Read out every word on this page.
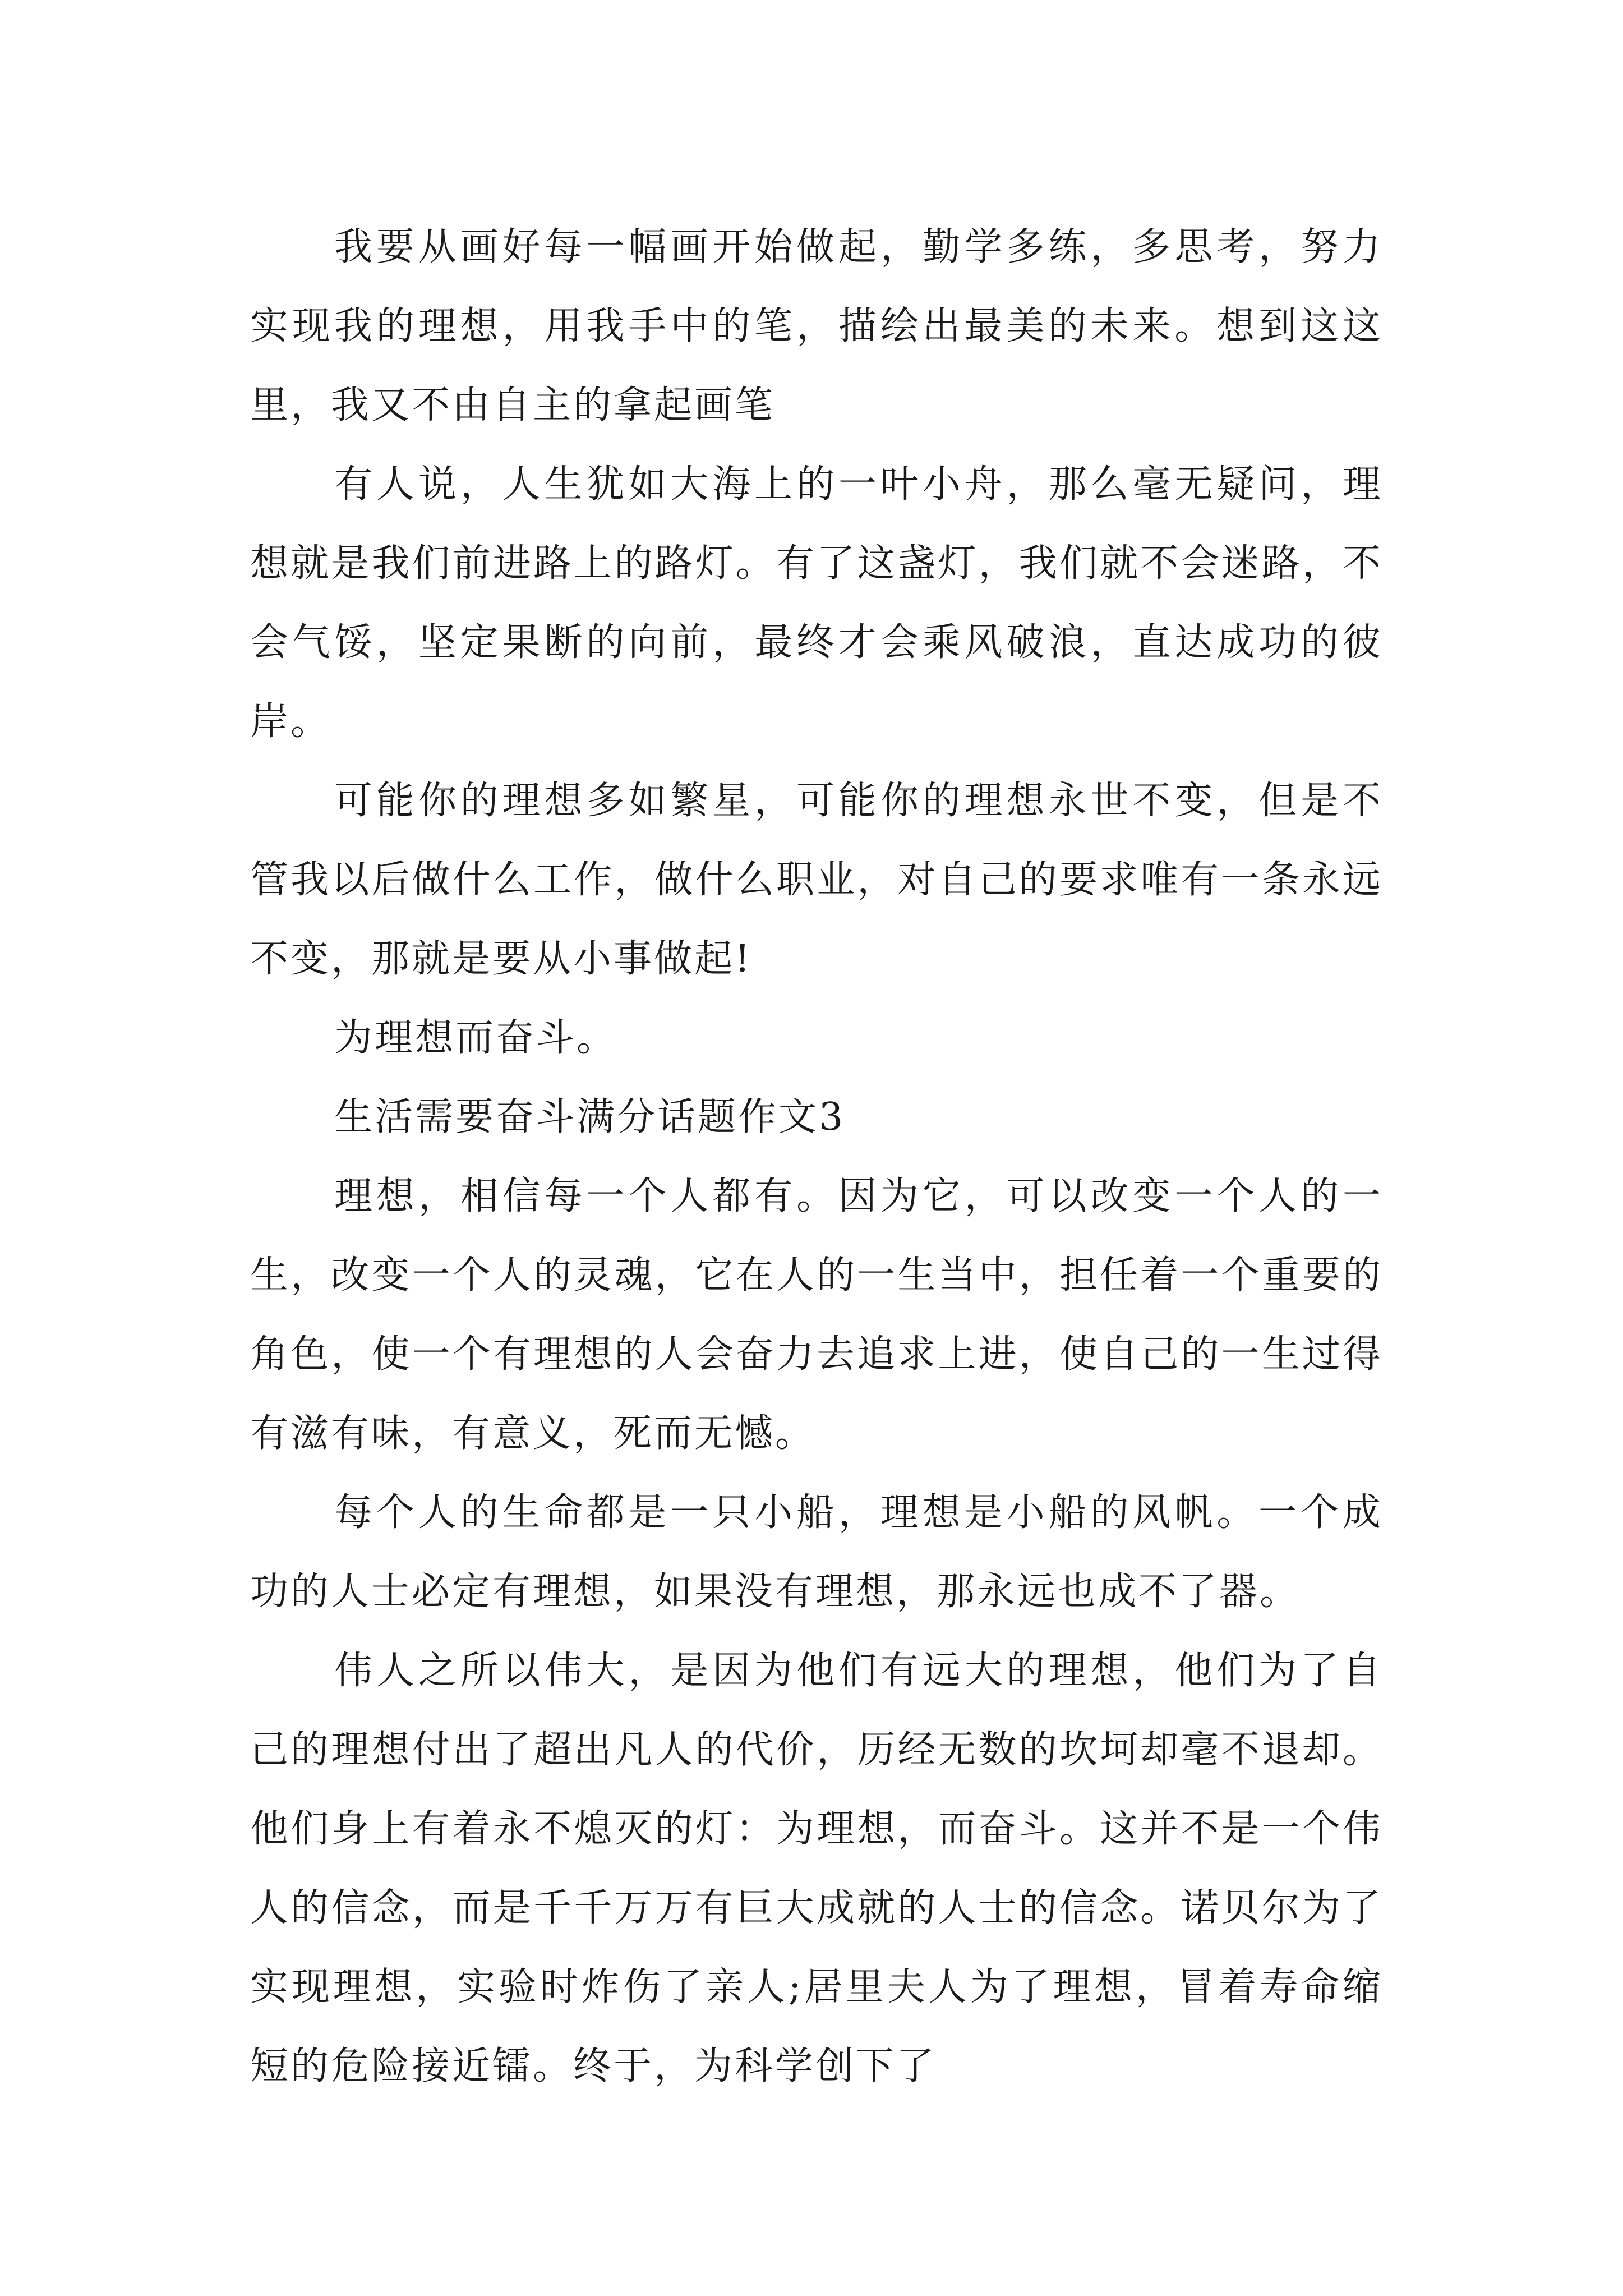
我要从画好每一幅画开始做起，勤学多练，多思考，努力实现我的理想，用我手中的笔，描绘出最美的未来。想到这这里，我又不由自主的拿起画笔

有人说，人生犹如大海上的一叶小舟，那么毫无疑问，理想就是我们前进路上的路灯。有了这盏灯，我们就不会迷路，不会气馁，坚定果断的向前，最终才会乘风破浪，直达成功的彼岸。

可能你的理想多如繁星，可能你的理想永世不变，但是不管我以后做什么工作，做什么职业，对自己的要求唯有一条永远不变，那就是要从小事做起!

为理想而奋斗。

生活需要奋斗满分话题作文3

理想，相信每一个人都有。因为它，可以改变一个人的一生，改变一个人的灵魂，它在人的一生当中，担任着一个重要的角色，使一个有理想的人会奋力去追求上进，使自己的一生过得有滋有味，有意义，死而无憾。

每个人的生命都是一只小船，理想是小船的风帆。一个成功的人士必定有理想，如果没有理想，那永远也成不了器。

伟人之所以伟大，是因为他们有远大的理想，他们为了自己的理想付出了超出凡人的代价，历经无数的坎坷却毫不退却。他们身上有着永不熄灭的灯：为理想，而奋斗。这并不是一个伟人的信念，而是千千万万有巨大成就的人士的信念。诺贝尔为了实现理想，实验时炸伤了亲人;居里夫人为了理想，冒着寿命缩短的危险接近镭。终于，为科学创下了
